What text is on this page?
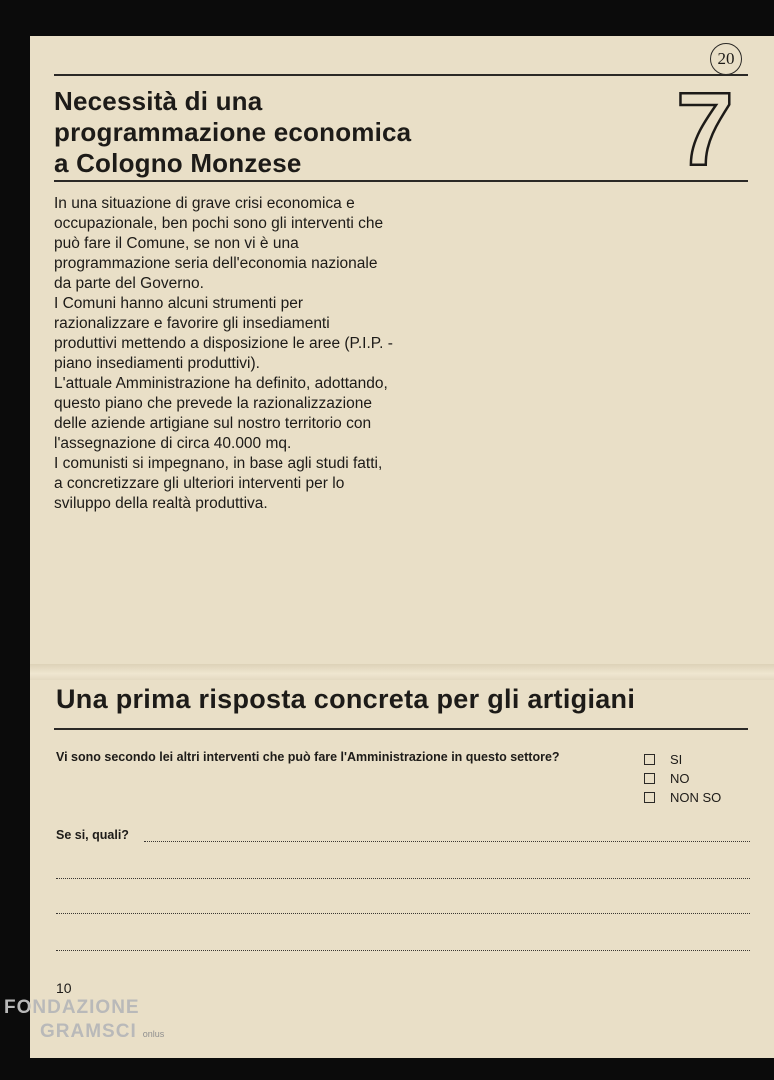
20
Necessità di una
programmazione economica
a Cologno Monzese	7

In una situazione di grave crisi economica e occupazionale, ben pochi sono gli interventi che può fare il Comune, se non vi è una programmazione seria dell'economia nazionale da parte del Governo.

I Comuni hanno alcuni strumenti per razionalizzare e favorire gli insediamenti produttivi mettendo a disposizione le aree (P.I.P. - piano insediamenti produttivi).

L'attuale Amministrazione ha definito, adottando, questo piano che prevede la razionalizzazione delle aziende artigiane sul nostro territorio con l'assegnazione di circa 40.000 mq.

I comunisti si impegnano, in base agli studi fatti, a concretizzare gli ulteriori interventi per lo sviluppo della realtà produttiva.

Una prima risposta concreta per gli artigiani
Vi sono secondo lei altri interventi che può fare l'Amministrazione in questo settore?	SI
NO
NON SO
Se si, quali?
10
FONDAZIONE
GRAMSCI onlus
